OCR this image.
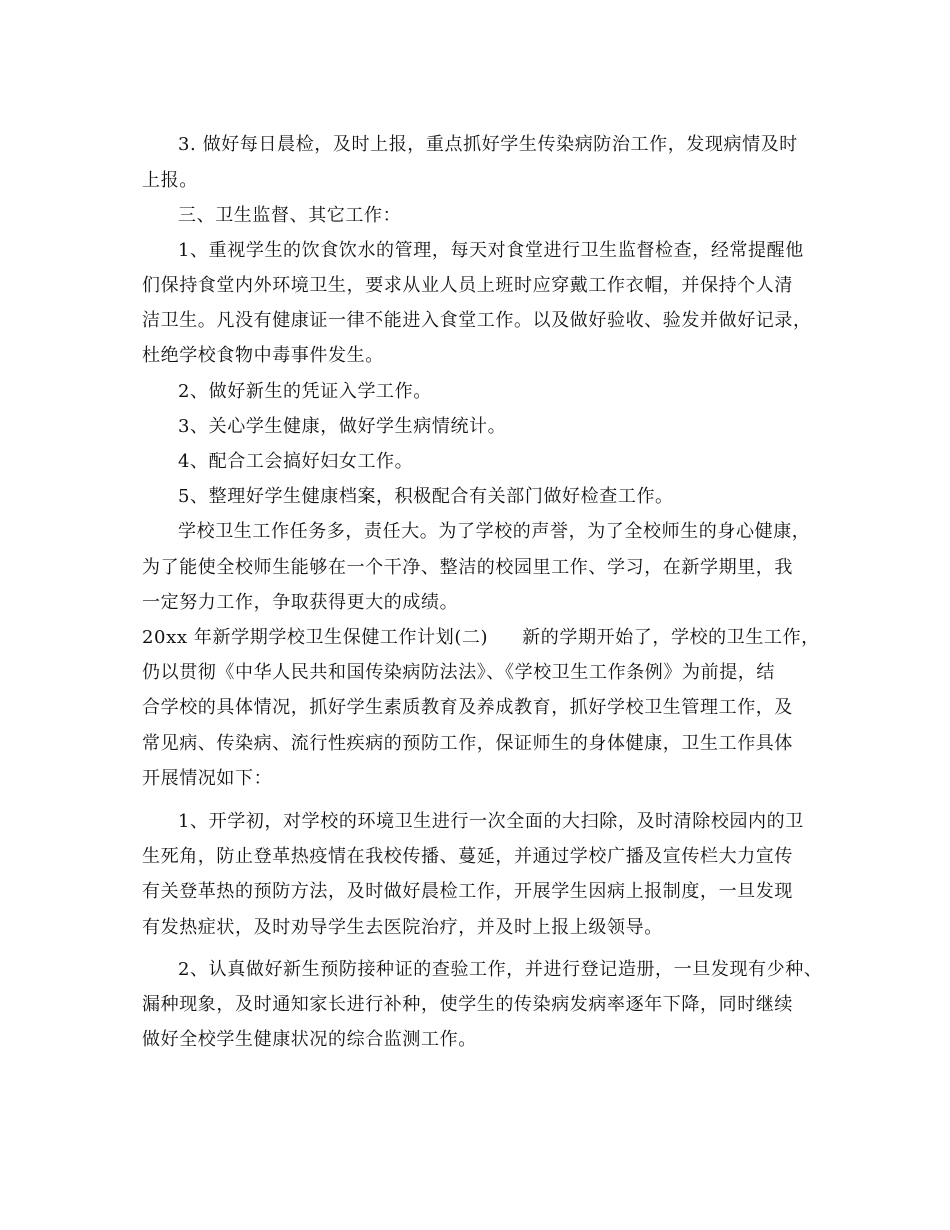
3. 做好每日晨检，及时上报，重点抓好学生传染病防治工作，发现病情及时
上报。
三、卫生监督、其它工作：
1、重视学生的饮食饮水的管理，每天对食堂进行卫生监督检查，经常提醒他
们保持食堂内外环境卫生，要求从业人员上班时应穿戴工作衣帽，并保持个人清
洁卫生。凡没有健康证一律不能进入食堂工作。以及做好验收、验发并做好记录，
杜绝学校食物中毒事件发生。
2、做好新生的凭证入学工作。
3、关心学生健康，做好学生病情统计。
4、配合工会搞好妇女工作。
5、整理好学生健康档案，积极配合有关部门做好检查工作。
学校卫生工作任务多，责任大。为了学校的声誉，为了全校师生的身心健康，
为了能使全校师生能够在一个干净、整洁的校园里工作、学习，在新学期里，我
一定努力工作，争取获得更大的成绩。
20xx 年新学期学校卫生保健工作计划(二) 新的学期开始了，学校的卫生工作，
仍以贯彻《中华人民共和国传染病防法法》、《学校卫生工作条例》为前提，结
合学校的具体情况，抓好学生素质教育及养成教育，抓好学校卫生管理工作，及
常见病、传染病、流行性疾病的预防工作，保证师生的身体健康，卫生工作具体
开展情况如下：
1、开学初，对学校的环境卫生进行一次全面的大扫除，及时清除校园内的卫
生死角，防止登革热疫情在我校传播、蔓延，并通过学校广播及宣传栏大力宣传
有关登革热的预防方法，及时做好晨检工作，开展学生因病上报制度，一旦发现
有发热症状，及时劝导学生去医院治疗，并及时上报上级领导。
2、认真做好新生预防接种证的查验工作，并进行登记造册，一旦发现有少种、
漏种现象，及时通知家长进行补种，使学生的传染病发病率逐年下降，同时继续
做好全校学生健康状况的综合监测工作。
